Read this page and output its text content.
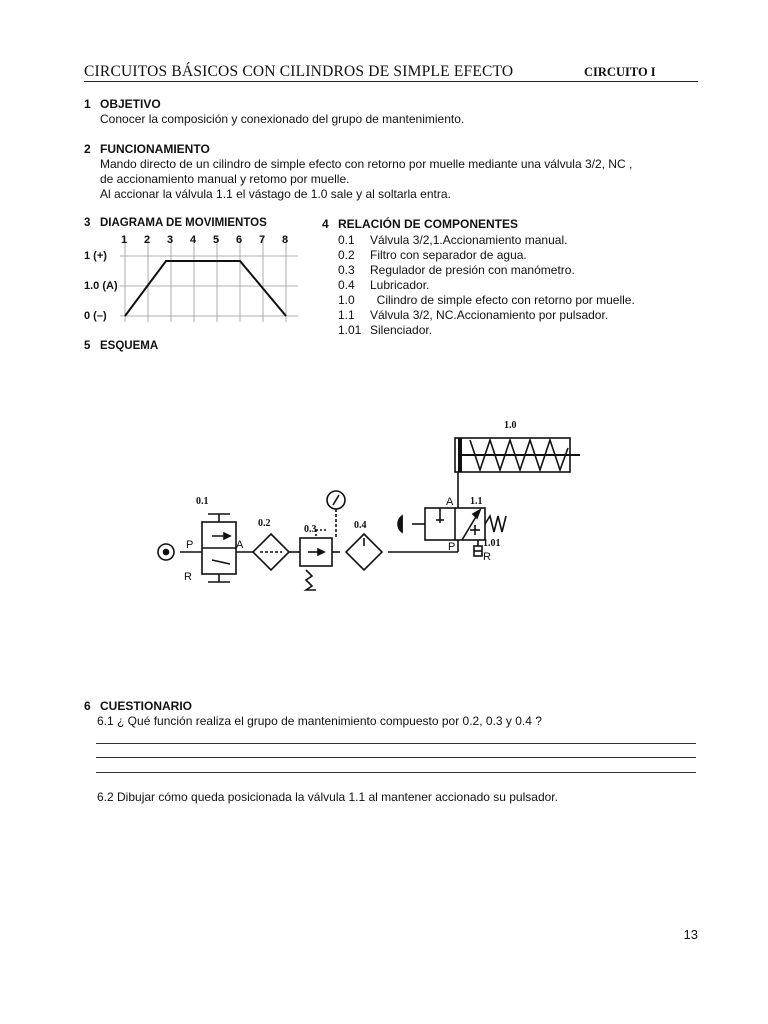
CIRCUITOS BÁSICOS CON CILINDROS DE SIMPLE EFECTO	CIRCUITO I
1 OBJETIVO
Conocer la composición y conexionado del grupo de mantenimiento.
2 FUNCIONAMIENTO
Mando directo de un cilindro de simple efecto con retorno por muelle mediante una válvula 3/2, NC ,
de accionamiento manual y retomo por muelle.
Al accionar la válvula 1.1 el vástago de 1.0 sale y al soltarla entra.
3 DIAGRAMA DE MOVIMIENTOS
1 2 3 4 5 6 7 8
1 (+)
1.0 (A)
0 (–)
4 RELACIÓN DE COMPONENTES
0.1 Válvula 3/2,1.Accionamiento manual.
0.2 Filtro con separador de agua.
0.3 Regulador de presión con manómetro.
0.4 Lubricador.
1.0 Cilindro de simple efecto con retorno por muelle.
1.1 Válvula 3/2, NC.Accionamiento por pulsador.
1.01 Silenciador.
5 ESQUEMA
1.0
0.1
0.2
0.3	0.4
1.1
1.01
P	A
R
A
P
R
6 CUESTIONARIO
6.1 ¿ Qué función realiza el grupo de mantenimiento compuesto por 0.2, 0.3 y 0.4 ?
6.2 Dibujar cómo queda posicionada la válvula 1.1 al mantener accionado su pulsador.
13
